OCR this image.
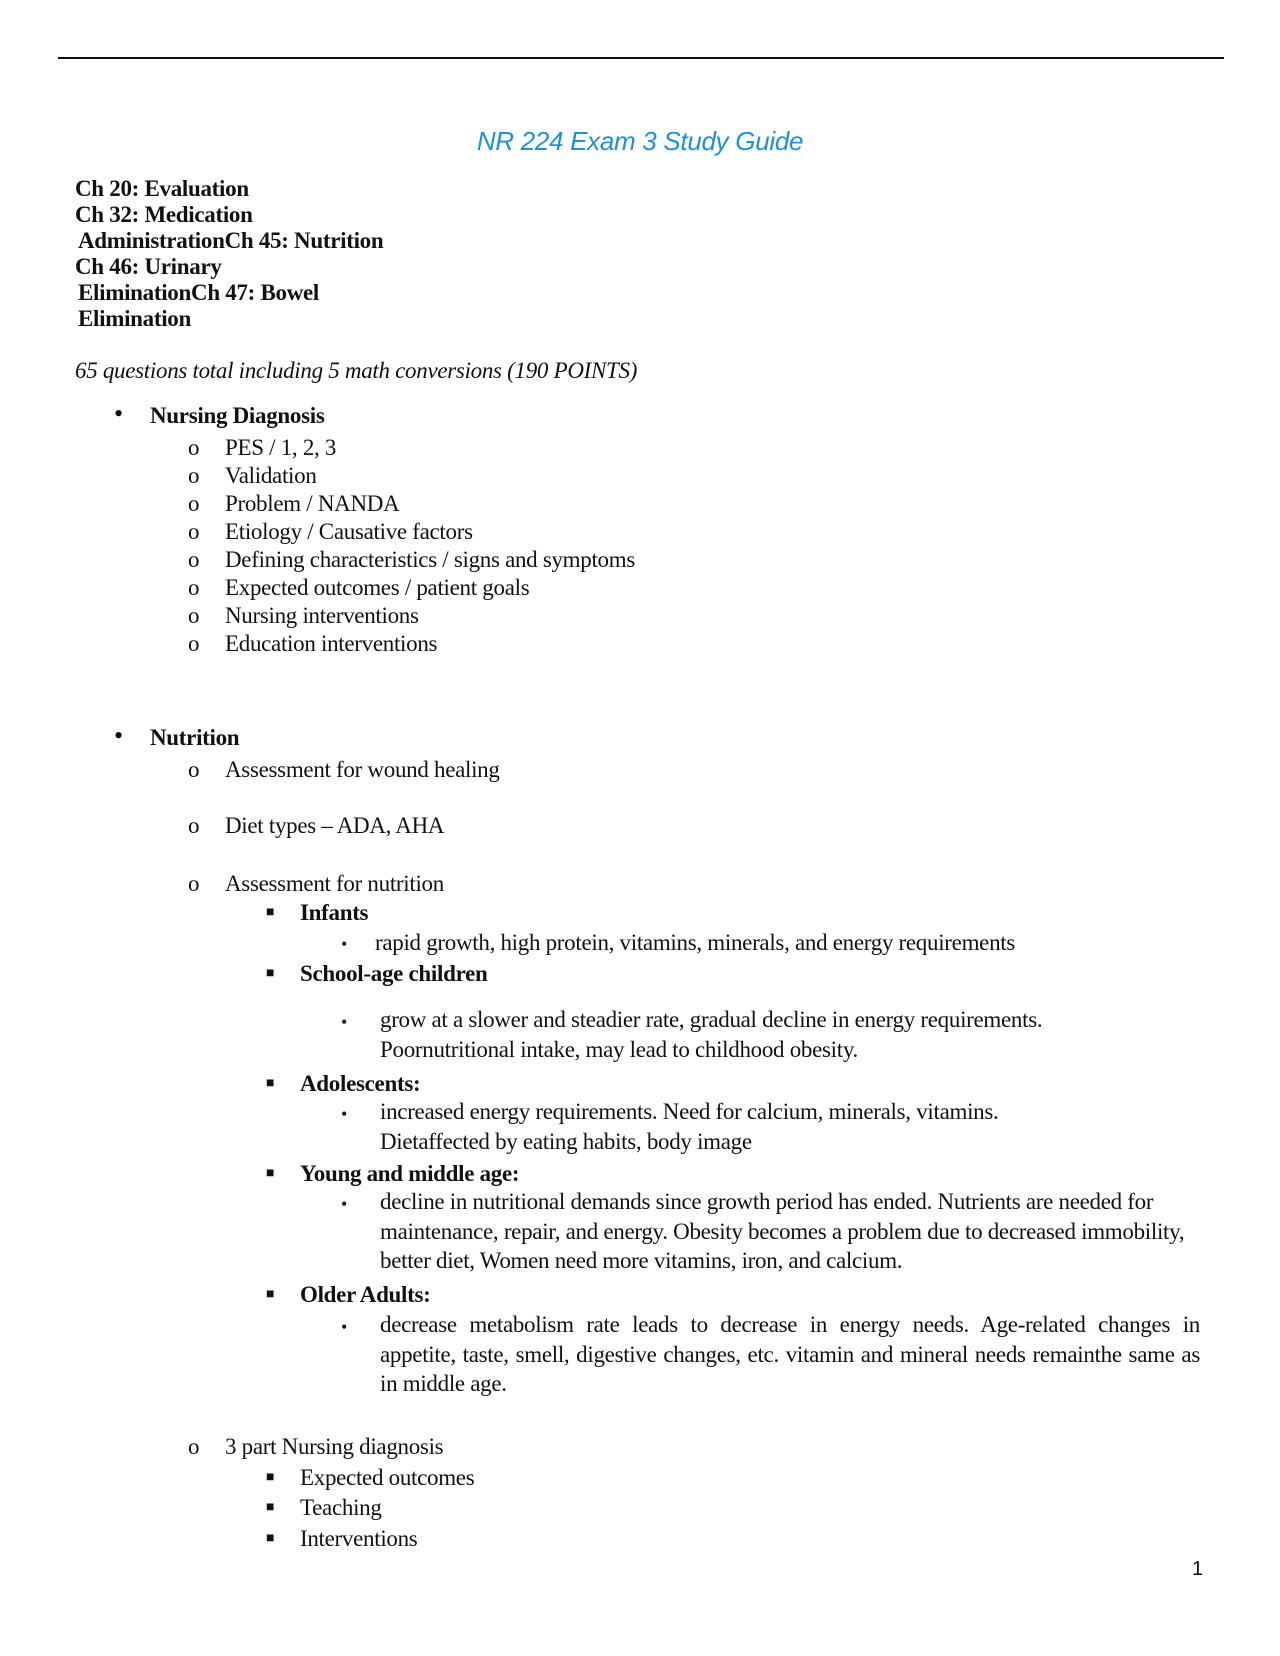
NR 224 Exam 3 Study Guide
Ch 20: Evaluation
Ch 32: Medication
AdministrationCh 45: Nutrition
Ch 46: Urinary
EliminationCh 47: Bowel
Elimination
65 questions total including 5 math conversions (190 POINTS)
• Nursing Diagnosis
o PES / 1, 2, 3
o Validation
o Problem / NANDA
o Etiology / Causative factors
o Defining characteristics / signs and symptoms
o Expected outcomes / patient goals
o Nursing interventions
o Education interventions
• Nutrition
o Assessment for wound healing
o Diet types – ADA, AHA
o Assessment for nutrition
■ Infants
• rapid growth, high protein, vitamins, minerals, and energy requirements
■ School-age children
• grow at a slower and steadier rate, gradual decline in energy requirements. Poornutritional intake, may lead to childhood obesity.
■ Adolescents:
• increased energy requirements. Need for calcium, minerals, vitamins. Dietaffected by eating habits, body image
■ Young and middle age:
• decline in nutritional demands since growth period has ended. Nutrients are needed for maintenance, repair, and energy. Obesity becomes a problem due to decreased immobility, better diet, Women need more vitamins, iron, and calcium.
■ Older Adults:
• decrease metabolism rate leads to decrease in energy needs. Age-related changes in appetite, taste, smell, digestive changes, etc. vitamin and mineral needs remainthe same as in middle age.
o 3 part Nursing diagnosis
■ Expected outcomes
■ Teaching
■ Interventions
1
